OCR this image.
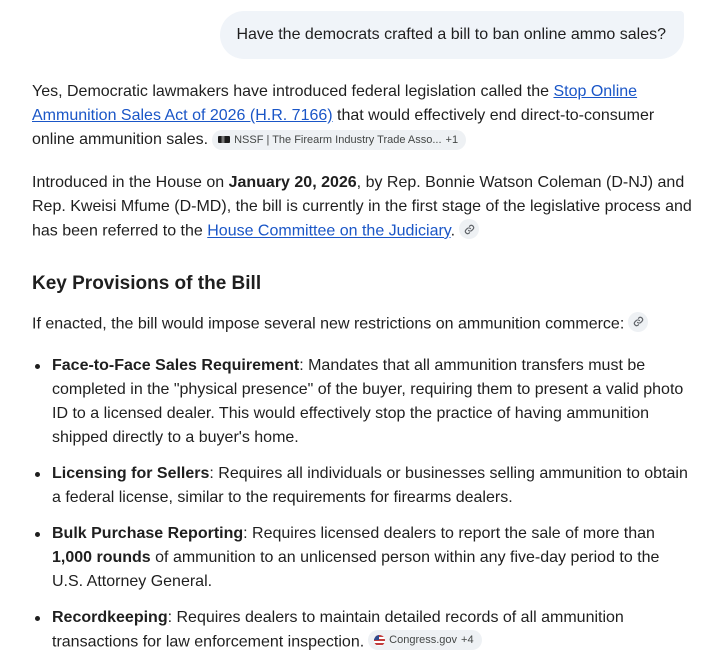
Have the democrats crafted a bill to ban online ammo sales?

Yes, Democratic lawmakers have introduced federal legislation called the Stop Online Ammunition Sales Act of 2026 (H.R. 7166) that would effectively end direct-to-consumer online ammunition sales. NSSF | The Firearm Industry Trade Asso... +1

Introduced in the House on January 20, 2026, by Rep. Bonnie Watson Coleman (D-NJ) and Rep. Kweisi Mfume (D-MD), the bill is currently in the first stage of the legislative process and has been referred to the House Committee on the Judiciary.

Key Provisions of the Bill

If enacted, the bill would impose several new restrictions on ammunition commerce:

Face-to-Face Sales Requirement: Mandates that all ammunition transfers must be completed in the "physical presence" of the buyer, requiring them to present a valid photo ID to a licensed dealer. This would effectively stop the practice of having ammunition shipped directly to a buyer's home.
Licensing for Sellers: Requires all individuals or businesses selling ammunition to obtain a federal license, similar to the requirements for firearms dealers.
Bulk Purchase Reporting: Requires licensed dealers to report the sale of more than 1,000 rounds of ammunition to an unlicensed person within any five-day period to the U.S. Attorney General.
Recordkeeping: Requires dealers to maintain detailed records of all ammunition transactions for law enforcement inspection. Congress.gov +4
